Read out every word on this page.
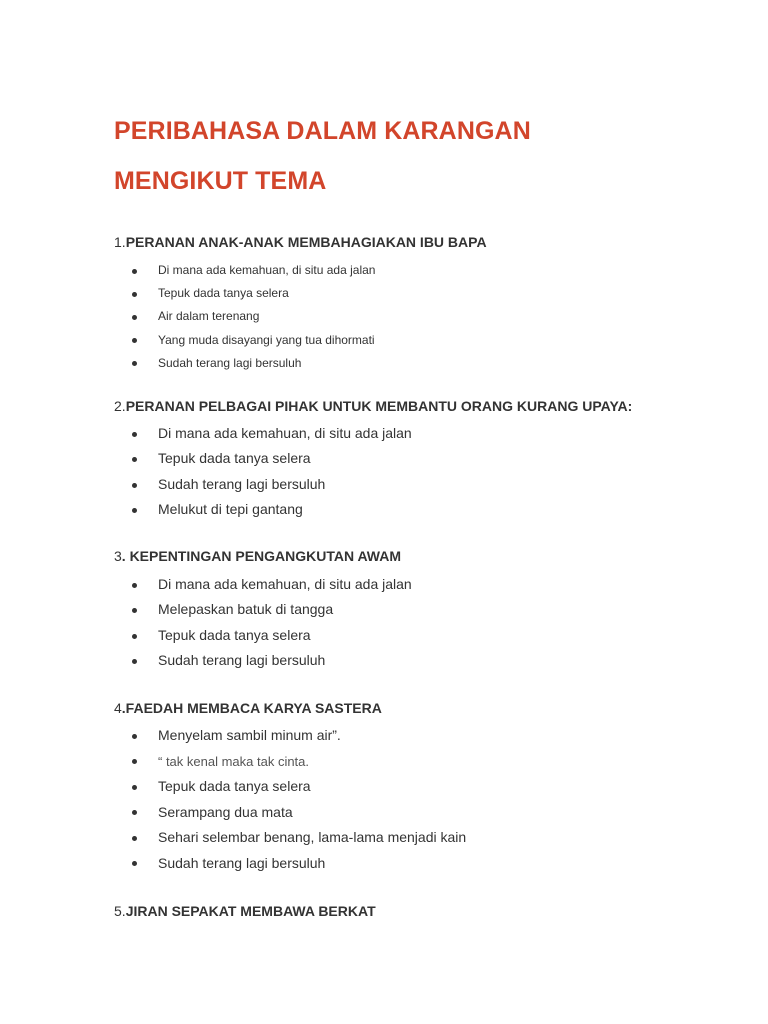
PERIBAHASA DALAM KARANGAN
MENGIKUT TEMA

1.PERANAN ANAK-ANAK MEMBAHAGIAKAN IBU BAPA

Di mana ada kemahuan, di situ ada jalan
Tepuk dada tanya selera
Air dalam terenang
Yang muda disayangi yang tua dihormati
Sudah terang lagi bersuluh

2.PERANAN PELBAGAI PIHAK UNTUK MEMBANTU ORANG KURANG UPAYA:

Di mana ada kemahuan, di situ ada jalan
Tepuk dada tanya selera
Sudah terang lagi bersuluh
Melukut di tepi gantang

3. KEPENTINGAN PENGANGKUTAN AWAM

Di mana ada kemahuan, di situ ada jalan
Melepaskan batuk di tangga
Tepuk dada tanya selera
Sudah terang lagi bersuluh

4.FAEDAH MEMBACA KARYA SASTERA

Menyelam sambil minum air”.
“ tak kenal maka tak cinta.
Tepuk dada tanya selera
Serampang dua mata
Sehari selembar benang, lama-lama menjadi kain
Sudah terang lagi bersuluh

5.JIRAN SEPAKAT MEMBAWA BERKAT
